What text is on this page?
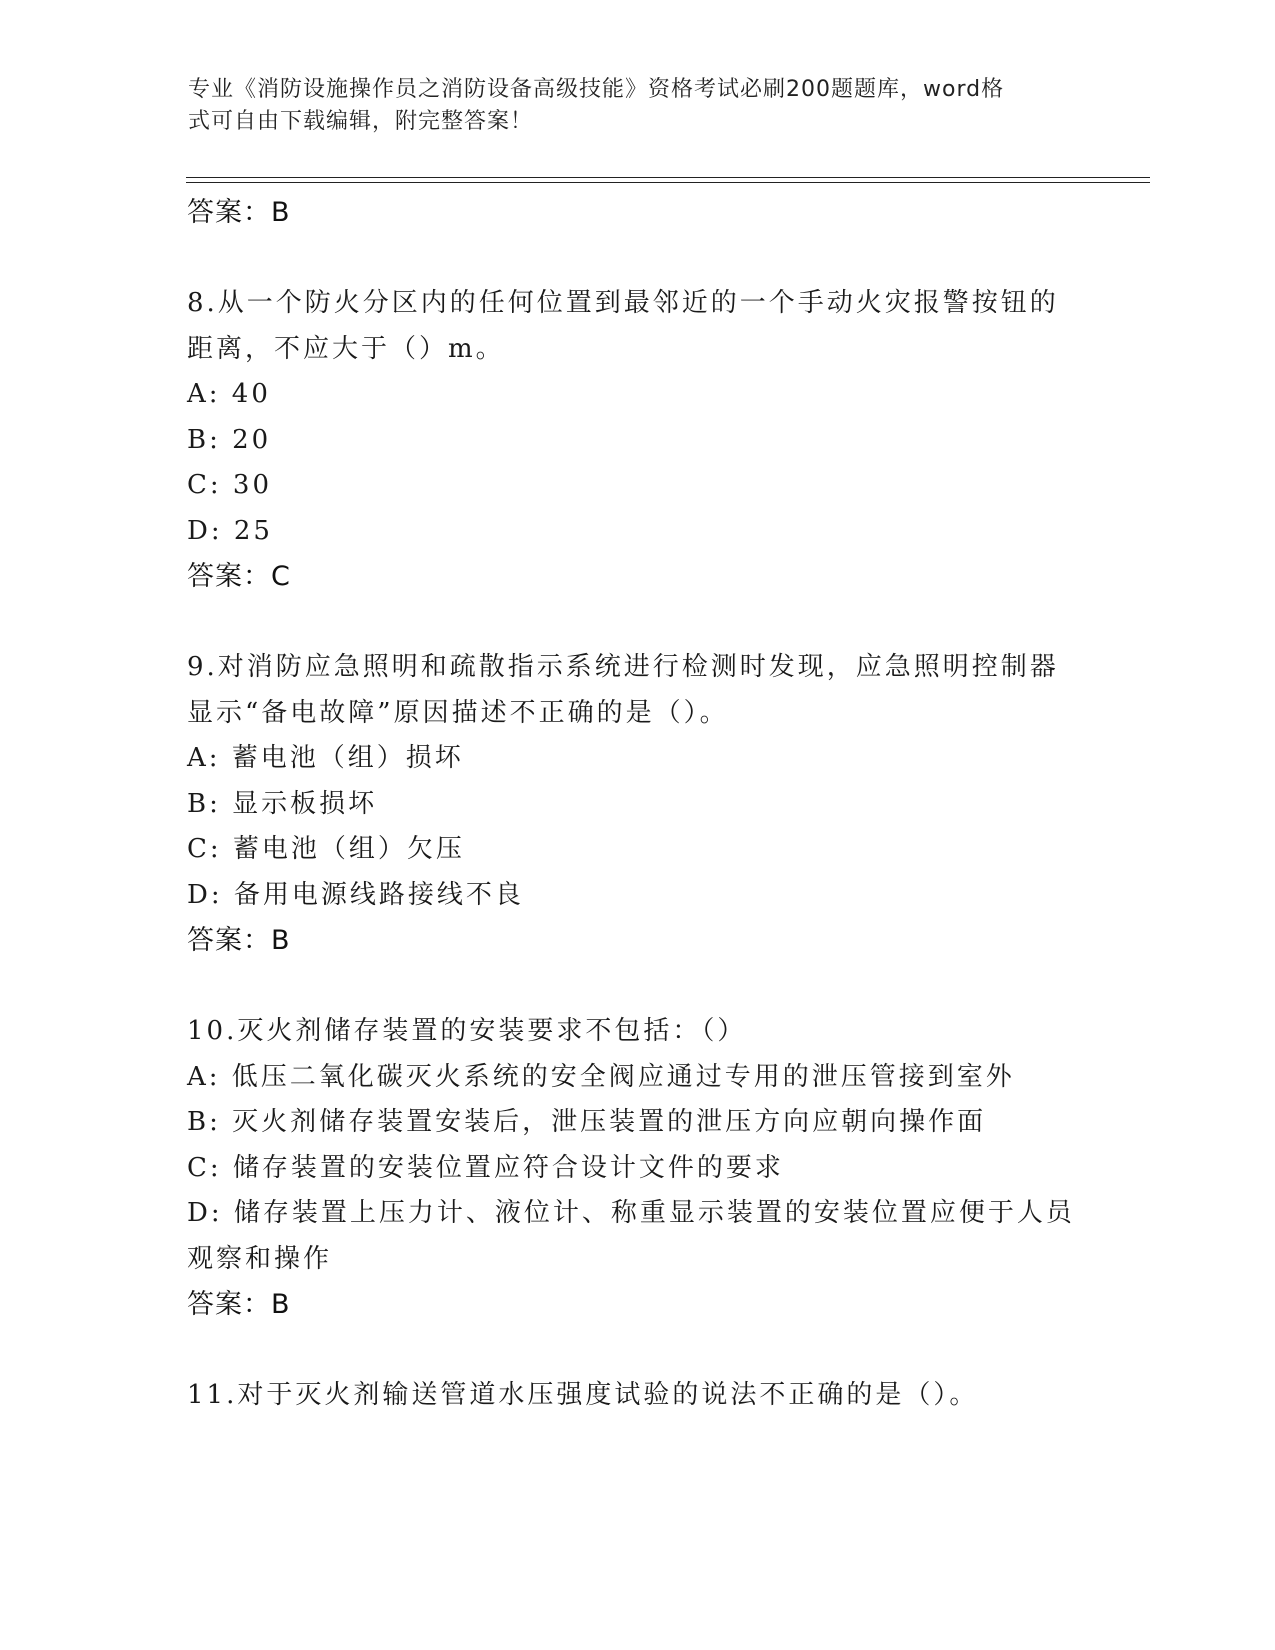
专业《消防设施操作员之消防设备高级技能》资格考试必刷200题题库，word格
式可自由下载编辑，附完整答案！
答案：B
8.从一个防火分区内的任何位置到最邻近的一个手动火灾报警按钮的
距离，不应大于（）m。
A: 40
B: 20
C: 30
D: 25
答案：C
9.对消防应急照明和疏散指示系统进行检测时发现，应急照明控制器
显示“备电故障”原因描述不正确的是（）。
A: 蓄电池（组）损坏
B: 显示板损坏
C: 蓄电池（组）欠压
D: 备用电源线路接线不良
答案：B
10.灭火剂储存装置的安装要求不包括：（）
A: 低压二氧化碳灭火系统的安全阀应通过专用的泄压管接到室外
B: 灭火剂储存装置安装后，泄压装置的泄压方向应朝向操作面
C: 储存装置的安装位置应符合设计文件的要求
D: 储存装置上压力计、液位计、称重显示装置的安装位置应便于人员
观察和操作
答案：B
11.对于灭火剂输送管道水压强度试验的说法不正确的是（）。
